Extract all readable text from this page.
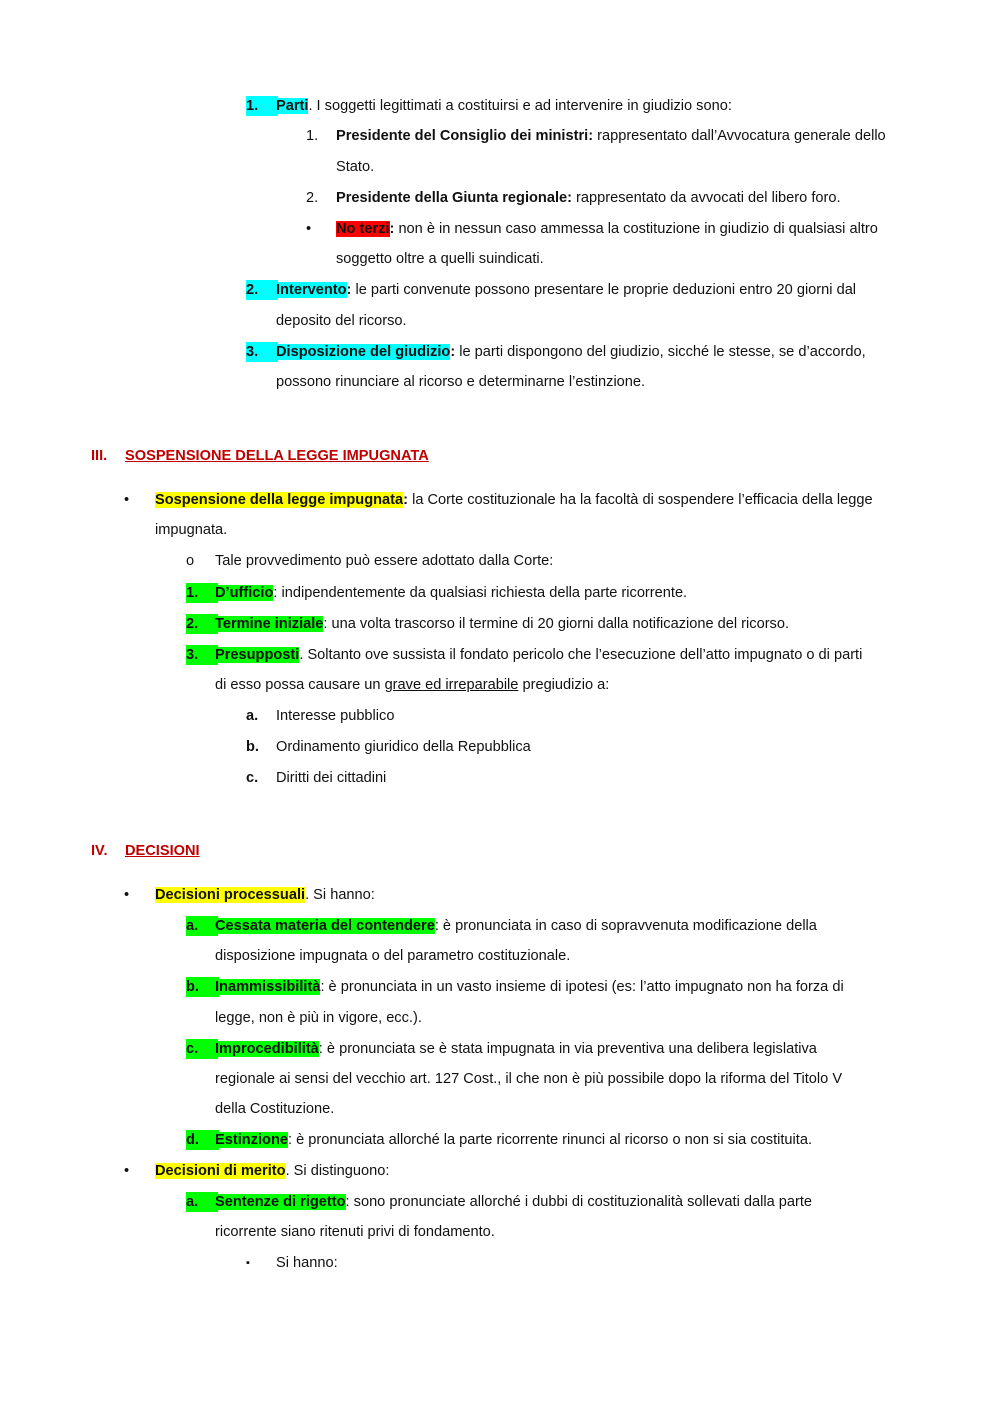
1.	Parti. I soggetti legittimati a costituirsi e ad intervenire in giudizio sono:
1. Presidente del Consiglio dei ministri: rappresentato dall’Avvocatura generale dello
Stato.
2. Presidente della Giunta regionale: rappresentato da avvocati del libero foro.
• No terzi: non è in nessun caso ammessa la costituzione in giudizio di qualsiasi altro
soggetto oltre a quelli suindicati.
2.	Intervento: le parti convenute possono presentare le proprie deduzioni entro 20 giorni dal
deposito del ricorso.
3.	Disposizione del giudizio: le parti dispongono del giudizio, sicché le stesse, se d’accordo,
possono rinunciare al ricorso e determinarne l’estinzione.
III. SOSPENSIONE DELLA LEGGE IMPUGNATA
•
Sospensione della legge impugnata: la Corte costituzionale ha la facoltà di sospendere l’efficacia della legge
impugnata.
o Tale provvedimento può essere adottato dalla Corte:
1.	D’ufficio: indipendentemente da qualsiasi richiesta della parte ricorrente.
2.	Termine iniziale: una volta trascorso il termine di 20 giorni dalla notificazione del ricorso.
3.	Presupposti. Soltanto ove sussista il fondato pericolo che l’esecuzione dell’atto impugnato o di parti
di esso possa causare un grave ed irreparabile pregiudizio a:
a. Interesse pubblico
b. Ordinamento giuridico della Repubblica
c. Diritti dei cittadini
IV. DECISIONI
•
Decisioni processuali. Si hanno:
a.	Cessata materia del contendere: è pronunciata in caso di sopravvenuta modificazione della
disposizione impugnata o del parametro costituzionale.
b.	Inammissibilità: è pronunciata in un vasto insieme di ipotesi (es: l’atto impugnato non ha forza di
legge, non è più in vigore, ecc.).
c.	Improcedibilità: è pronunciata se è stata impugnata in via preventiva una delibera legislativa
regionale ai sensi del vecchio art. 127 Cost., il che non è più possibile dopo la riforma del Titolo V
della Costituzione.
d.	Estinzione: è pronunciata allorché la parte ricorrente rinunci al ricorso o non si sia costituita.
•
Decisioni di merito. Si distinguono:
a.	Sentenze di rigetto: sono pronunciate allorché i dubbi di costituzionalità sollevati dalla parte
ricorrente siano ritenuti privi di fondamento.
▪ Si hanno:
